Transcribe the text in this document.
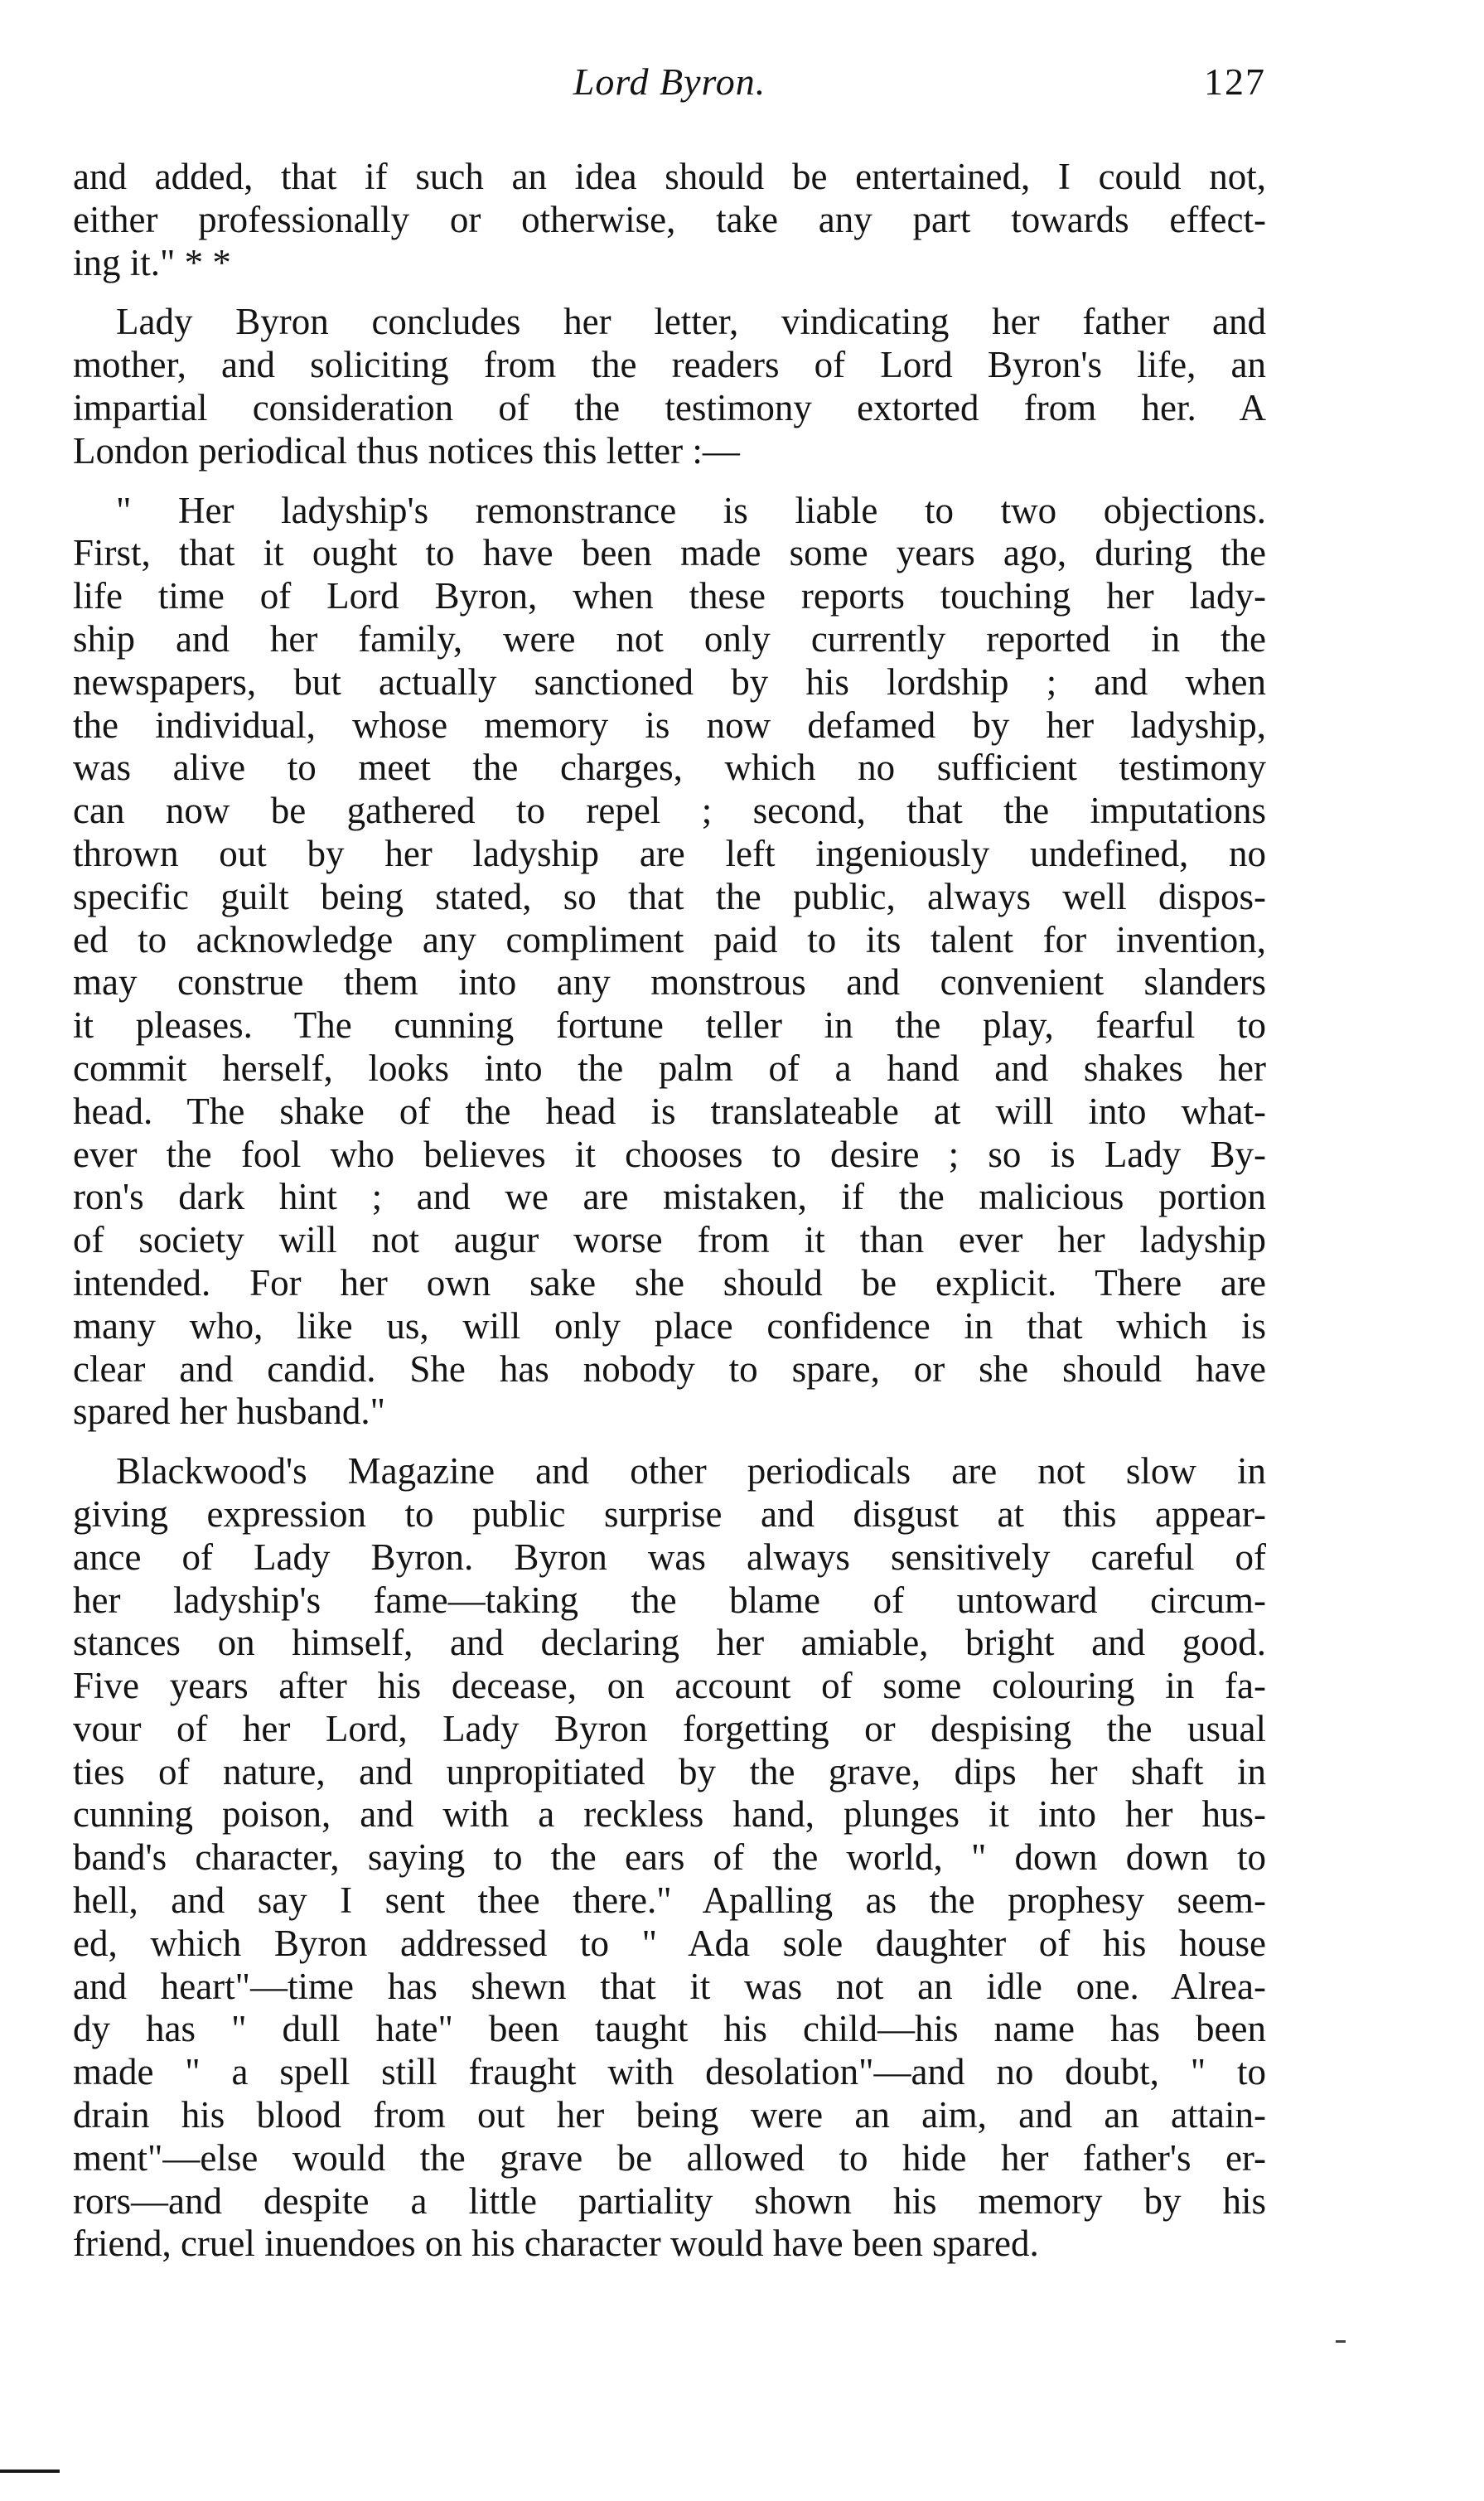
Lord Byron.	127
and added, that if such an idea should be entertained, I could not,
either professionally or otherwise, take any part towards effect-
ing it." * *
Lady Byron concludes her letter, vindicating her father and
mother, and soliciting from the readers of Lord Byron's life, an
impartial consideration of the testimony extorted from her. A
London periodical thus notices this letter :—
" Her ladyship's remonstrance is liable to two objections.
First, that it ought to have been made some years ago, during the
life time of Lord Byron, when these reports touching her lady-
ship and her family, were not only currently reported in the
newspapers, but actually sanctioned by his lordship ; and when
the individual, whose memory is now defamed by her ladyship,
was alive to meet the charges, which no sufficient testimony
can now be gathered to repel ; second, that the imputations
thrown out by her ladyship are left ingeniously undefined, no
specific guilt being stated, so that the public, always well dispos-
ed to acknowledge any compliment paid to its talent for invention,
may construe them into any monstrous and convenient slanders
it pleases. The cunning fortune teller in the play, fearful to
commit herself, looks into the palm of a hand and shakes her
head. The shake of the head is translateable at will into what-
ever the fool who believes it chooses to desire ; so is Lady By-
ron's dark hint ; and we are mistaken, if the malicious portion
of society will not augur worse from it than ever her ladyship
intended. For her own sake she should be explicit. There are
many who, like us, will only place confidence in that which is
clear and candid. She has nobody to spare, or she should have
spared her husband."
Blackwood's Magazine and other periodicals are not slow in
giving expression to public surprise and disgust at this appear-
ance of Lady Byron. Byron was always sensitively careful of
her ladyship's fame—taking the blame of untoward circum-
stances on himself, and declaring her amiable, bright and good.
Five years after his decease, on account of some colouring in fa-
vour of her Lord, Lady Byron forgetting or despising the usual
ties of nature, and unpropitiated by the grave, dips her shaft in
cunning poison, and with a reckless hand, plunges it into her hus-
band's character, saying to the ears of the world, " down down to
hell, and say I sent thee there." Apalling as the prophesy seem-
ed, which Byron addressed to " Ada sole daughter of his house
and heart"—time has shewn that it was not an idle one. Alrea-
dy has " dull hate" been taught his child—his name has been
made " a spell still fraught with desolation"—and no doubt, " to
drain his blood from out her being were an aim, and an attain-
ment"—else would the grave be allowed to hide her father's er-
rors—and despite a little partiality shown his memory by his
friend, cruel inuendoes on his character would have been spared.
